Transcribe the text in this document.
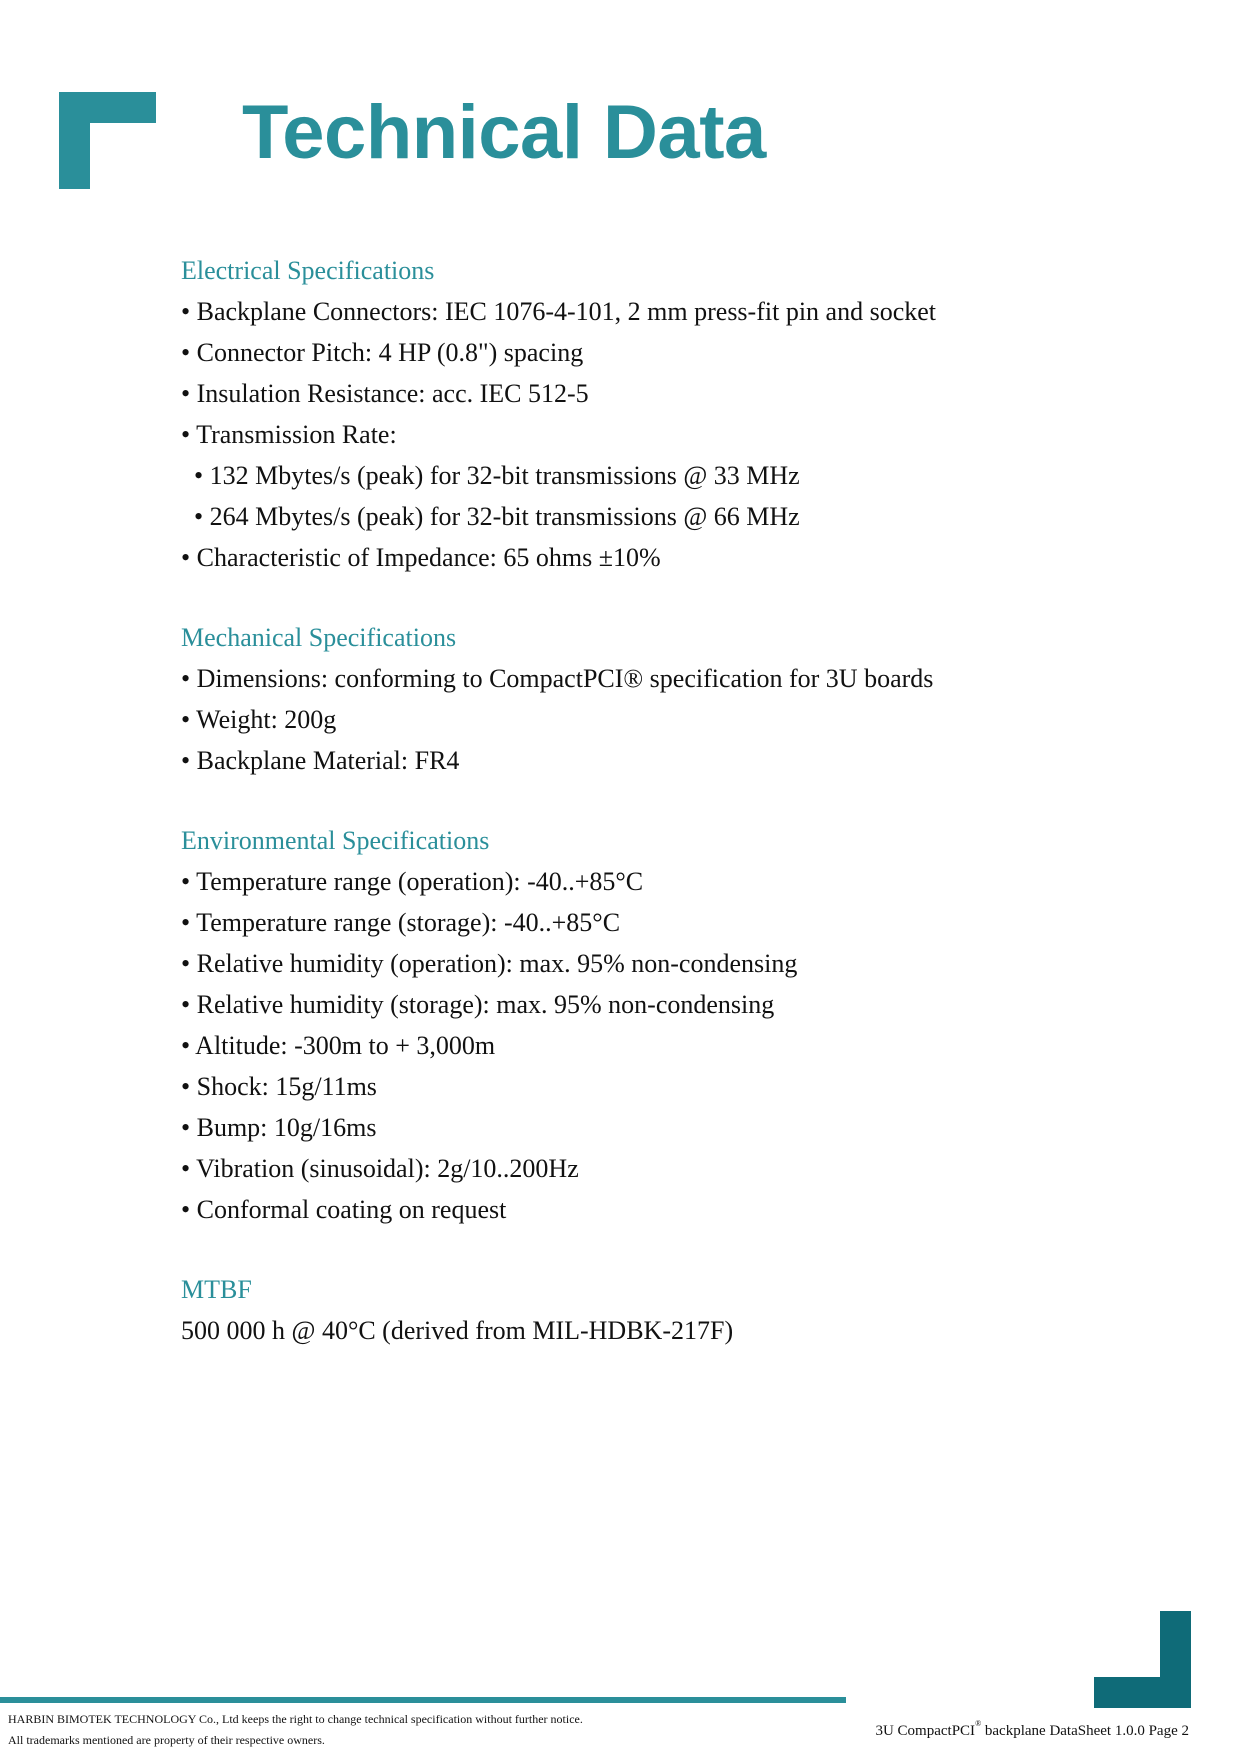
Technical Data
Electrical Specifications

• Backplane Connectors: IEC 1076-4-101, 2 mm press-fit pin and socket

• Connector Pitch: 4 HP (0.8") spacing

• Insulation Resistance: acc. IEC 512-5

• Transmission Rate:

• 132 Mbytes/s (peak) for 32-bit transmissions @ 33 MHz

• 264 Mbytes/s (peak) for 32-bit transmissions @ 66 MHz

• Characteristic of Impedance: 65 ohms ±10%

Mechanical Specifications

• Dimensions: conforming to CompactPCI® specification for 3U boards

• Weight: 200g

• Backplane Material: FR4

Environmental Specifications

• Temperature range (operation): -40..+85°C

• Temperature range (storage): -40..+85°C

• Relative humidity (operation): max. 95% non-condensing

• Relative humidity (storage): max. 95% non-condensing

• Altitude: -300m to + 3,000m

• Shock: 15g/11ms

• Bump: 10g/16ms

• Vibration (sinusoidal): 2g/10..200Hz

• Conformal coating on request

MTBF

500 000 h @ 40°C (derived from MIL-HDBK-217F)

HARBIN BIMOTEK TECHNOLOGY Co., Ltd keeps the right to change technical specification without further notice.

All trademarks mentioned are property of their respective owners.

3U CompactPCI® backplane DataSheet 1.0.0 Page 2
